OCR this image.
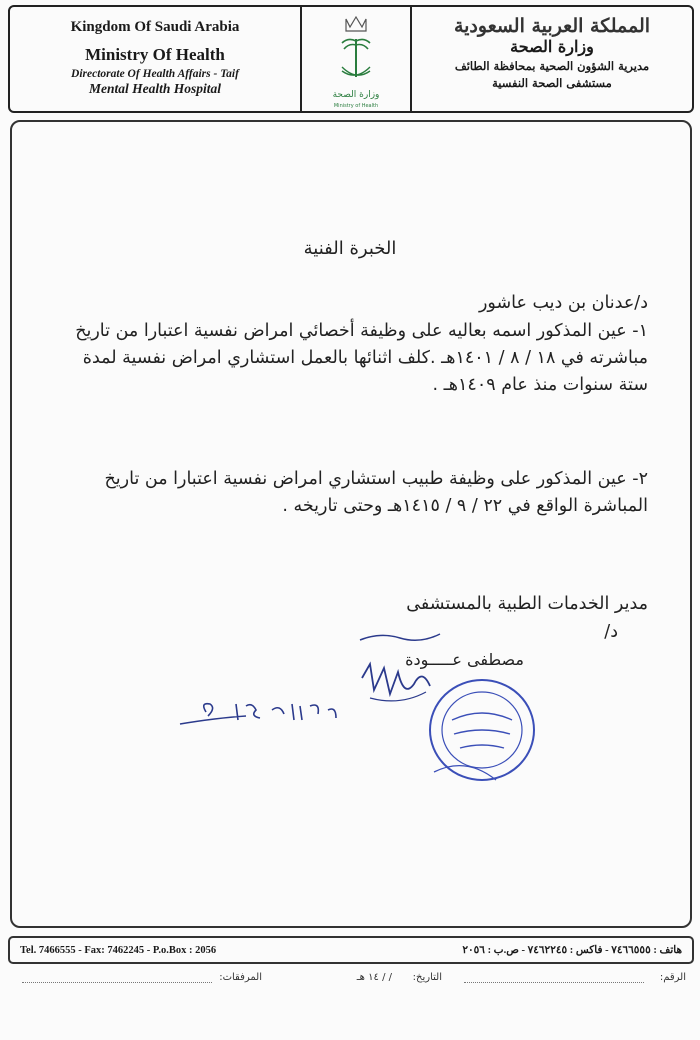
Kingdom Of Saudi Arabia
Ministry Of Health
Directorate Of Health Affairs - Taif
Mental Health Hospital	وزارة الصحة
Ministry of Health
المملكة العربية السعودية
وزارة الصحة
مديرية الشؤون الصحية بمحافظة الطائف
مستشفى الصحة النفسية
الخبرة الفنية
د/عدنان بن ديب عاشور
١- عين المذكور اسمه بعاليه على وظيفة أخصائي امراض نفسية اعتبارا من تاريخ مباشرته في ١٨ / ٨ / ١٤٠١هـ .كلف اثنائها بالعمل استشاري امراض نفسية لمدة ستة سنوات منذ عام ١٤٠٩هـ .
٢- عين المذكور على وظيفة طبيب استشاري امراض نفسية اعتبارا من تاريخ المباشرة الواقع في ٢٢ / ٩ / ١٤١٥هـ وحتى تاريخه .
مدير الخدمات الطبية بالمستشفى
د/
مصطفى عـــــودة
Tel. 7466555 - Fax: 7462245 - P.o.Box : 2056	هاتف : ٧٤٦٦٥٥٥ - فاكس : ٧٤٦٢٢٤٥ - ص.ب : ٢٠٥٦
الرقم:
التاريخ:
/ / ١٤ هـ
المرفقات:
